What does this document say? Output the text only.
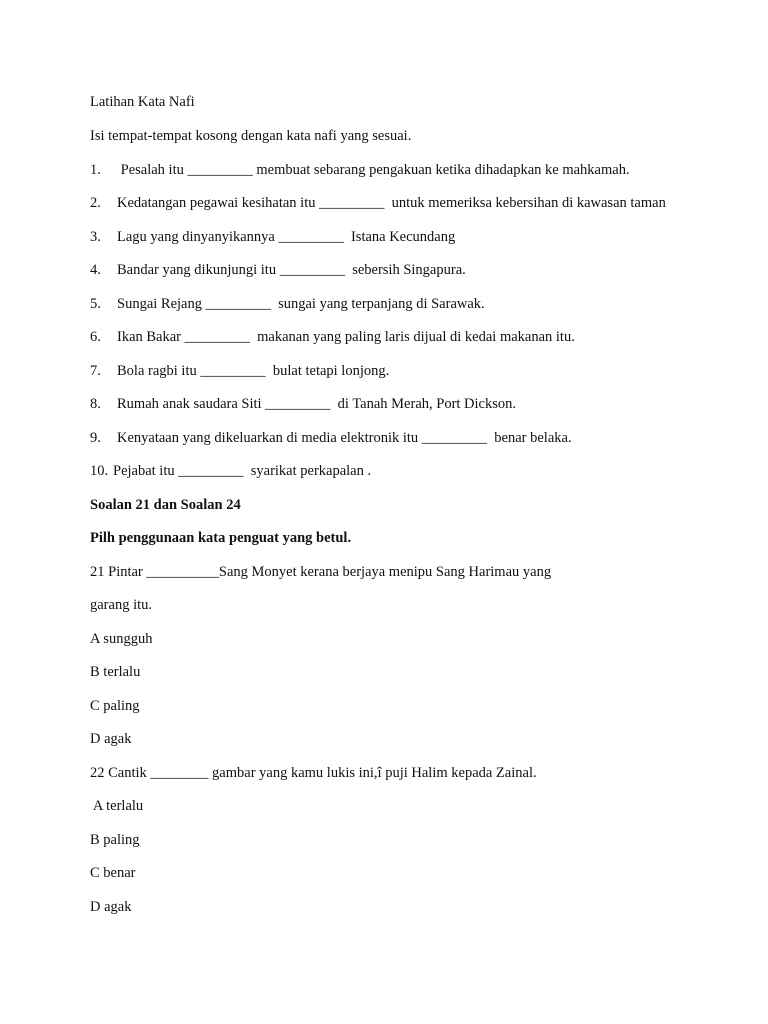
Latihan Kata Nafi
Isi tempat-tempat kosong dengan kata nafi yang sesuai.
1. Pesalah itu _________ membuat sebarang pengakuan ketika dihadapkan ke mahkamah.
2. Kedatangan pegawai kesihatan itu _________  untuk memeriksa kebersihan di kawasan taman
3. Lagu yang dinyanyikannya _________  Istana Kecundang
4. Bandar yang dikunjungi itu _________  sebersih Singapura.
5. Sungai Rejang _________  sungai yang terpanjang di Sarawak.
6. Ikan Bakar _________  makanan yang paling laris dijual di kedai makanan itu.
7. Bola ragbi itu _________  bulat tetapi lonjong.
8. Rumah anak saudara Siti _________  di Tanah Merah, Port Dickson.
9. Kenyataan yang dikeluarkan di media elektronik itu _________  benar belaka.
10. Pejabat itu _________  syarikat perkapalan .
Soalan 21 dan Soalan 24
Pilh penggunaan kata penguat yang betul.
21 Pintar __________Sang Monyet kerana berjaya menipu Sang Harimau yang
garang itu.
A sungguh
B terlalu
C paling
D agak
22 Cantik ________ gambar yang kamu lukis ini,î puji Halim kepada Zainal.
A terlalu
B paling
C benar
D agak
